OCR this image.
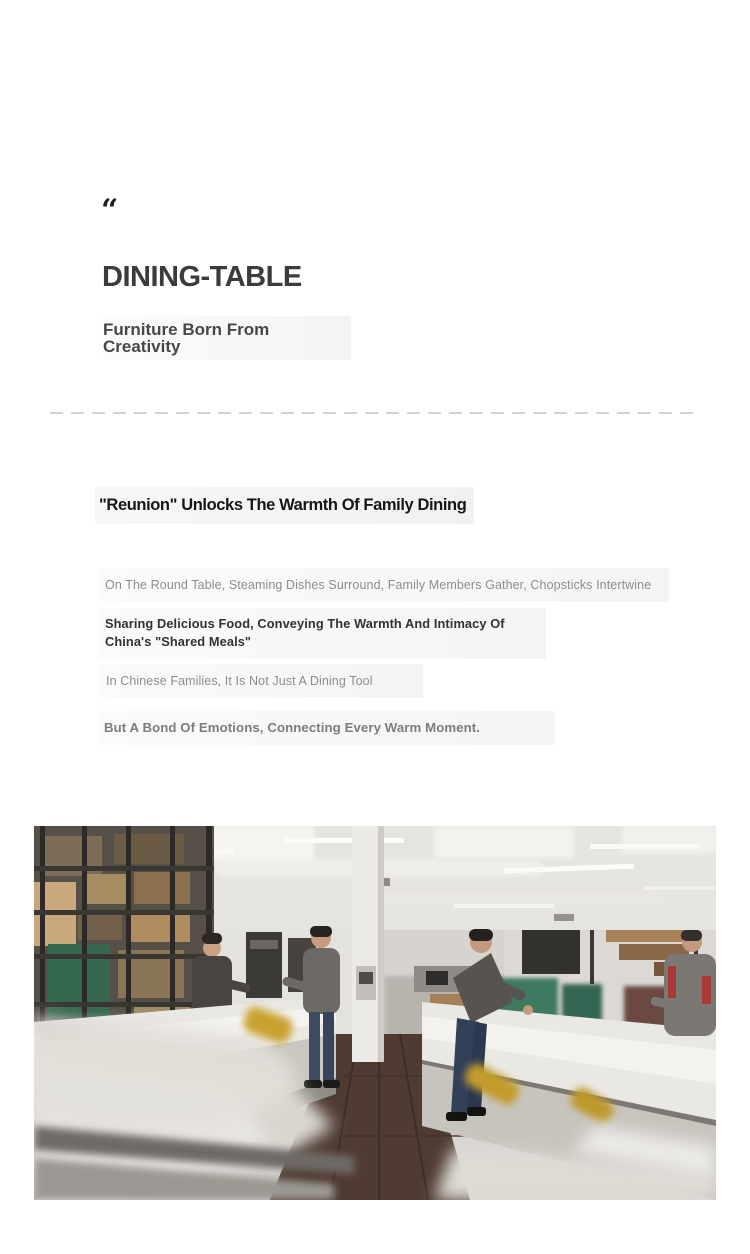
“
DINING-TABLE
Furniture Born From Creativity
"Reunion" Unlocks The Warmth Of Family Dining
On The Round Table, Steaming Dishes Surround, Family Members Gather, Chopsticks Intertwine
Sharing Delicious Food, Conveying The Warmth And Intimacy Of China's "Shared Meals"
In Chinese Families, It Is Not Just A Dining Tool
But A Bond Of Emotions, Connecting Every Warm Moment.
